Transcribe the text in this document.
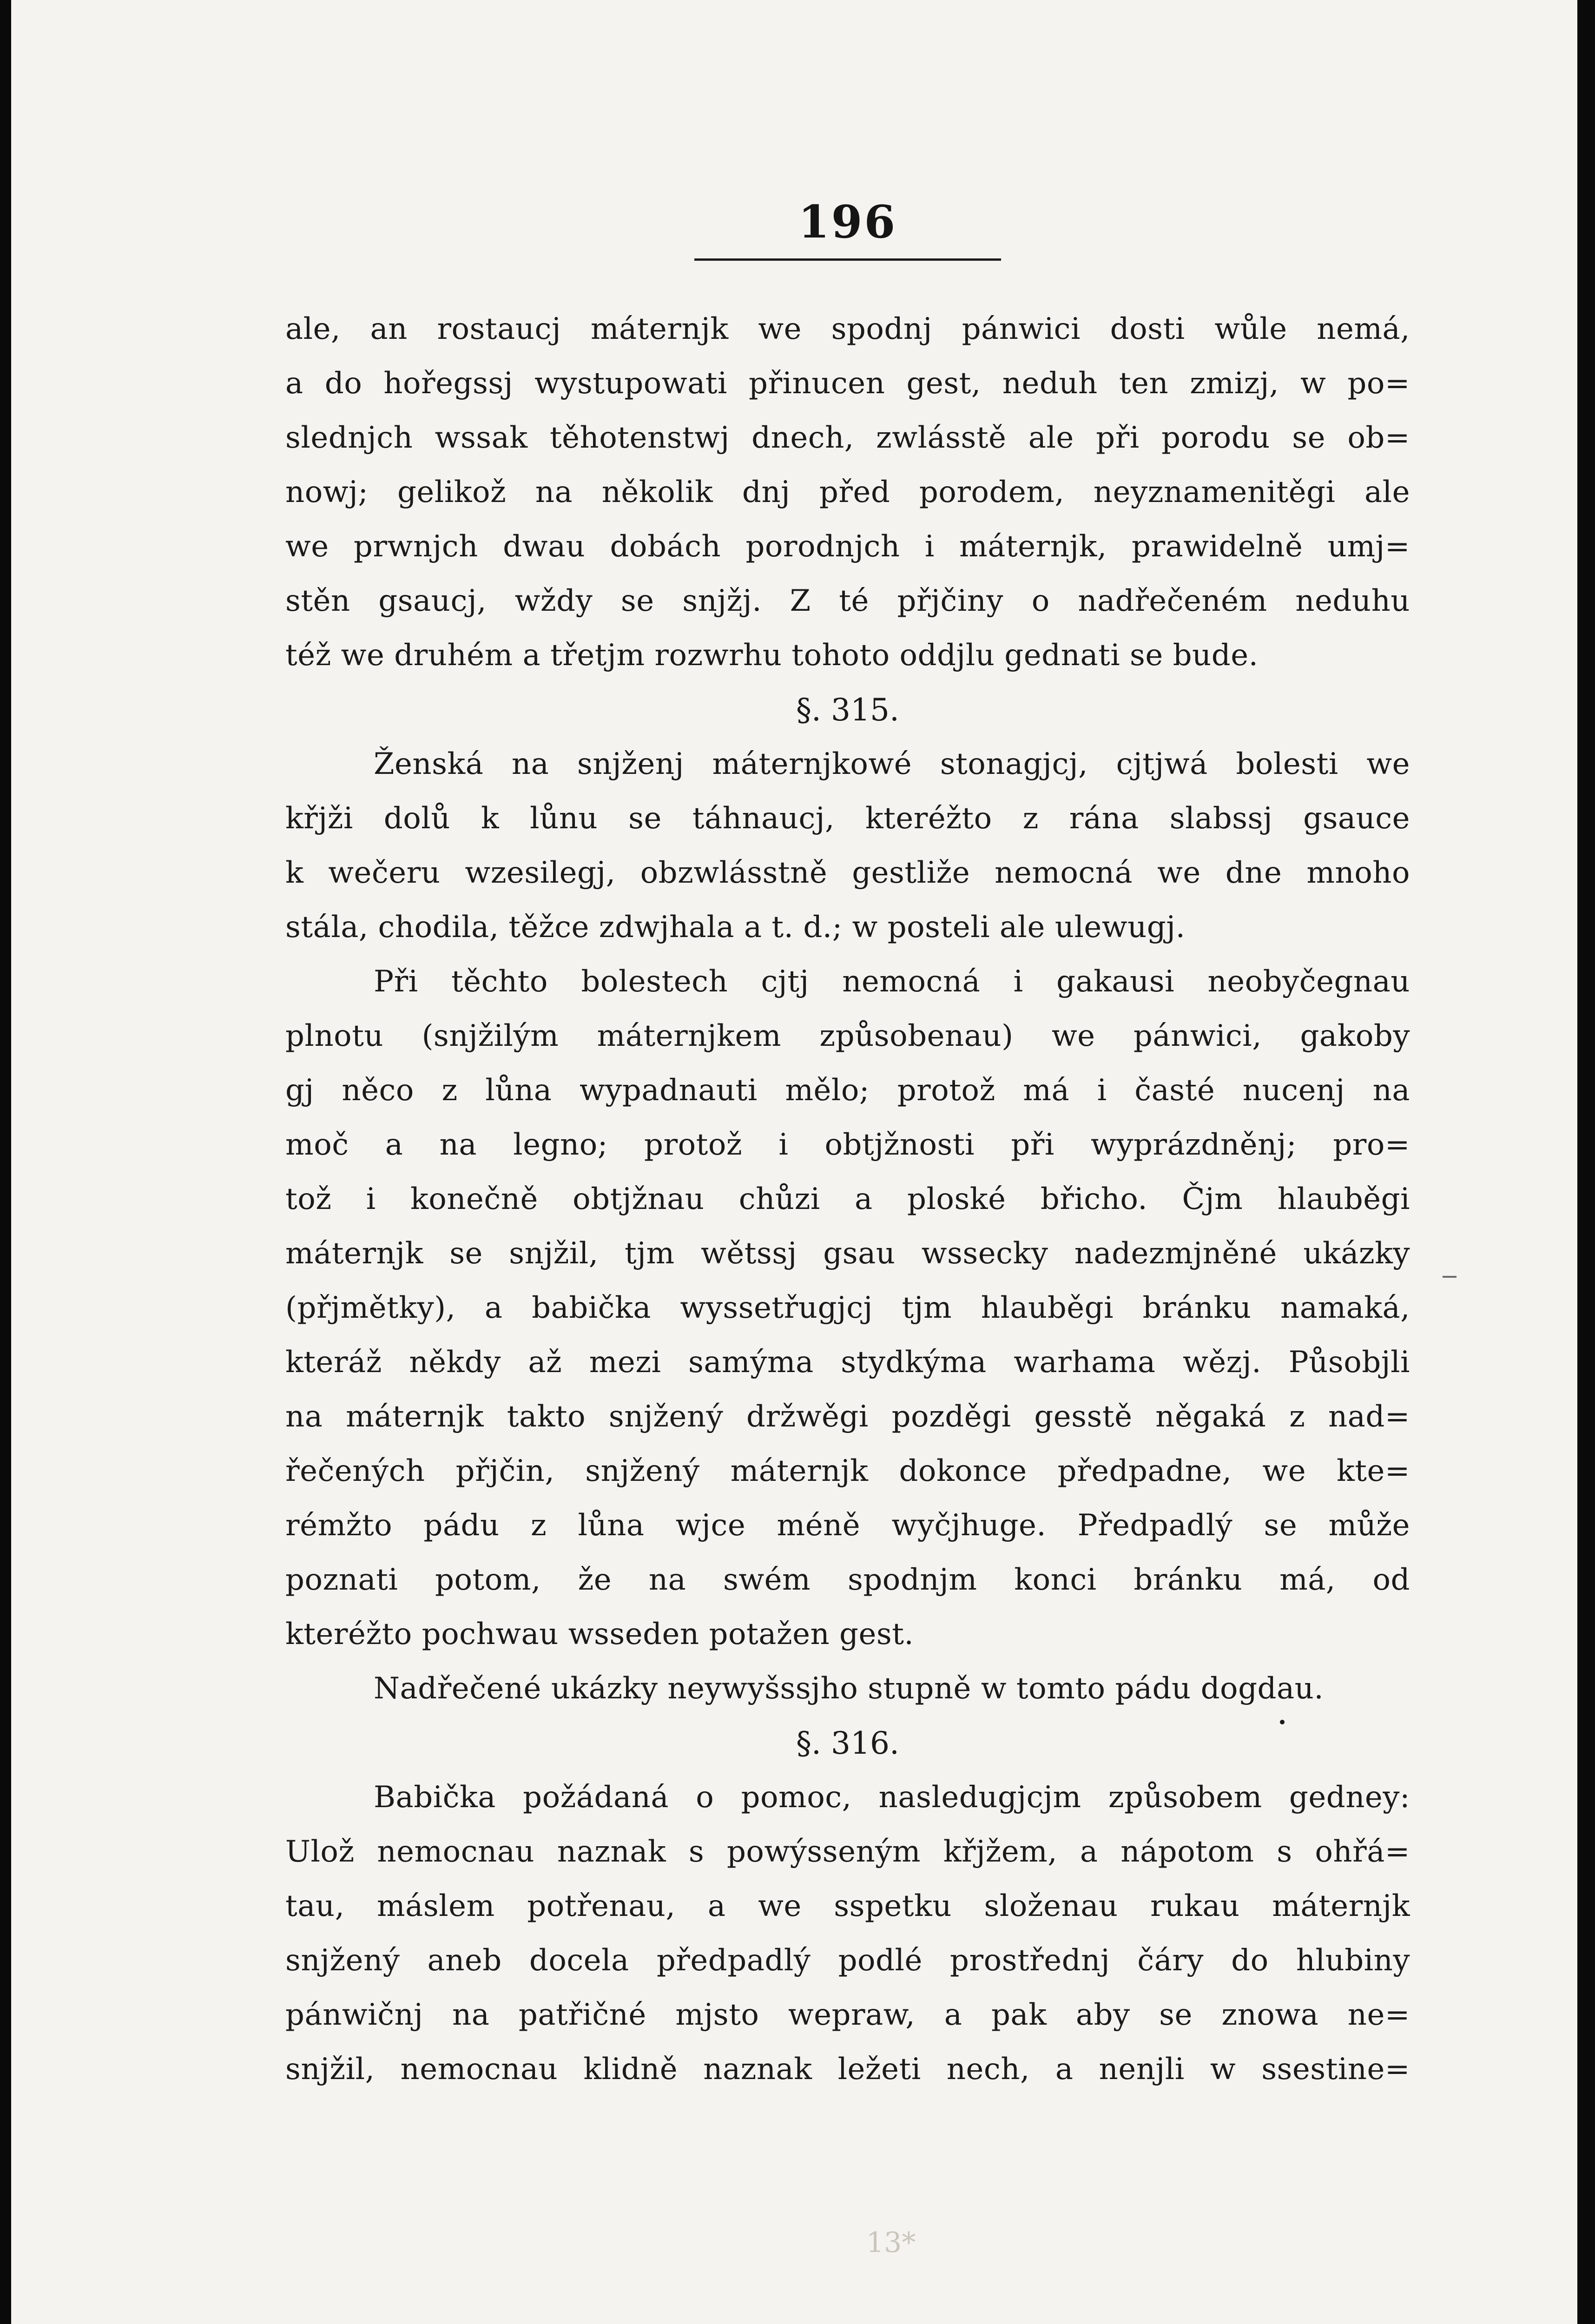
196
ale, an rostaucj máternjk we spodnj pánwici dosti wůle nemá,
a do hořegssj wystupowati přinucen gest, neduh ten zmizj, w po=
slednjch wssak těhotenstwj dnech, zwlásstě ale při porodu se ob=
nowj; gelikož na několik dnj před porodem, neyznamenitěgi ale
we prwnjch dwau dobách porodnjch i máternjk, prawidelně umj=
stěn gsaucj, wždy se snjžj. Z té přjčiny o nadřečeném neduhu
též we druhém a třetjm rozwrhu tohoto oddjlu gednati se bude.
§. 315.
Ženská na snjženj máternjkowé stonagjcj, cjtjwá bolesti we
křjži dolů k lůnu se táhnaucj, kteréžto z rána slabssj gsauce
k wečeru wzesilegj, obzwlásstně gestliže nemocná we dne mnoho
stála, chodila, těžce zdwjhala a t. d.; w posteli ale ulewugj.
Při těchto bolestech cjtj nemocná i gakausi neobyčegnau
plnotu (snjžilým máternjkem způsobenau) we pánwici, gakoby
gj něco z lůna wypadnauti mělo; protož má i časté nucenj na
moč a na legno; protož i obtjžnosti při wyprázdněnj; pro=
tož i konečně obtjžnau chůzi a ploské břicho. Čjm hlauběgi
máternjk se snjžil, tjm wětssj gsau wssecky nadezmjněné ukázky
(přjmětky), a babička wyssetřugjcj tjm hlauběgi bránku namaká,
kteráž někdy až mezi samýma stydkýma warhama wězj. Působjli
na máternjk takto snjžený držwěgi pozděgi gesstě něgaká z nad=
řečených přjčin, snjžený máternjk dokonce předpadne, we kte=
rémžto pádu z lůna wjce méně wyčjhuge. Předpadlý se může
poznati potom, že na swém spodnjm konci bránku má, od
kteréžto pochwau wsseden potažen gest.
Nadřečené ukázky neywyšssjho stupně w tomto pádu dogdau.
§. 316.
Babička požádaná o pomoc, nasledugjcjm způsobem gedney:
Ulož nemocnau naznak s powýsseným křjžem, a nápotom s ohřá=
tau, máslem potřenau, a we sspetku složenau rukau máternjk
snjžený aneb docela předpadlý podlé prostřednj čáry do hlubiny
pánwičnj na patřičné mjsto wepraw, a pak aby se znowa ne=
snjžil, nemocnau klidně naznak ležeti nech, a nenjli w ssestine=
13*
